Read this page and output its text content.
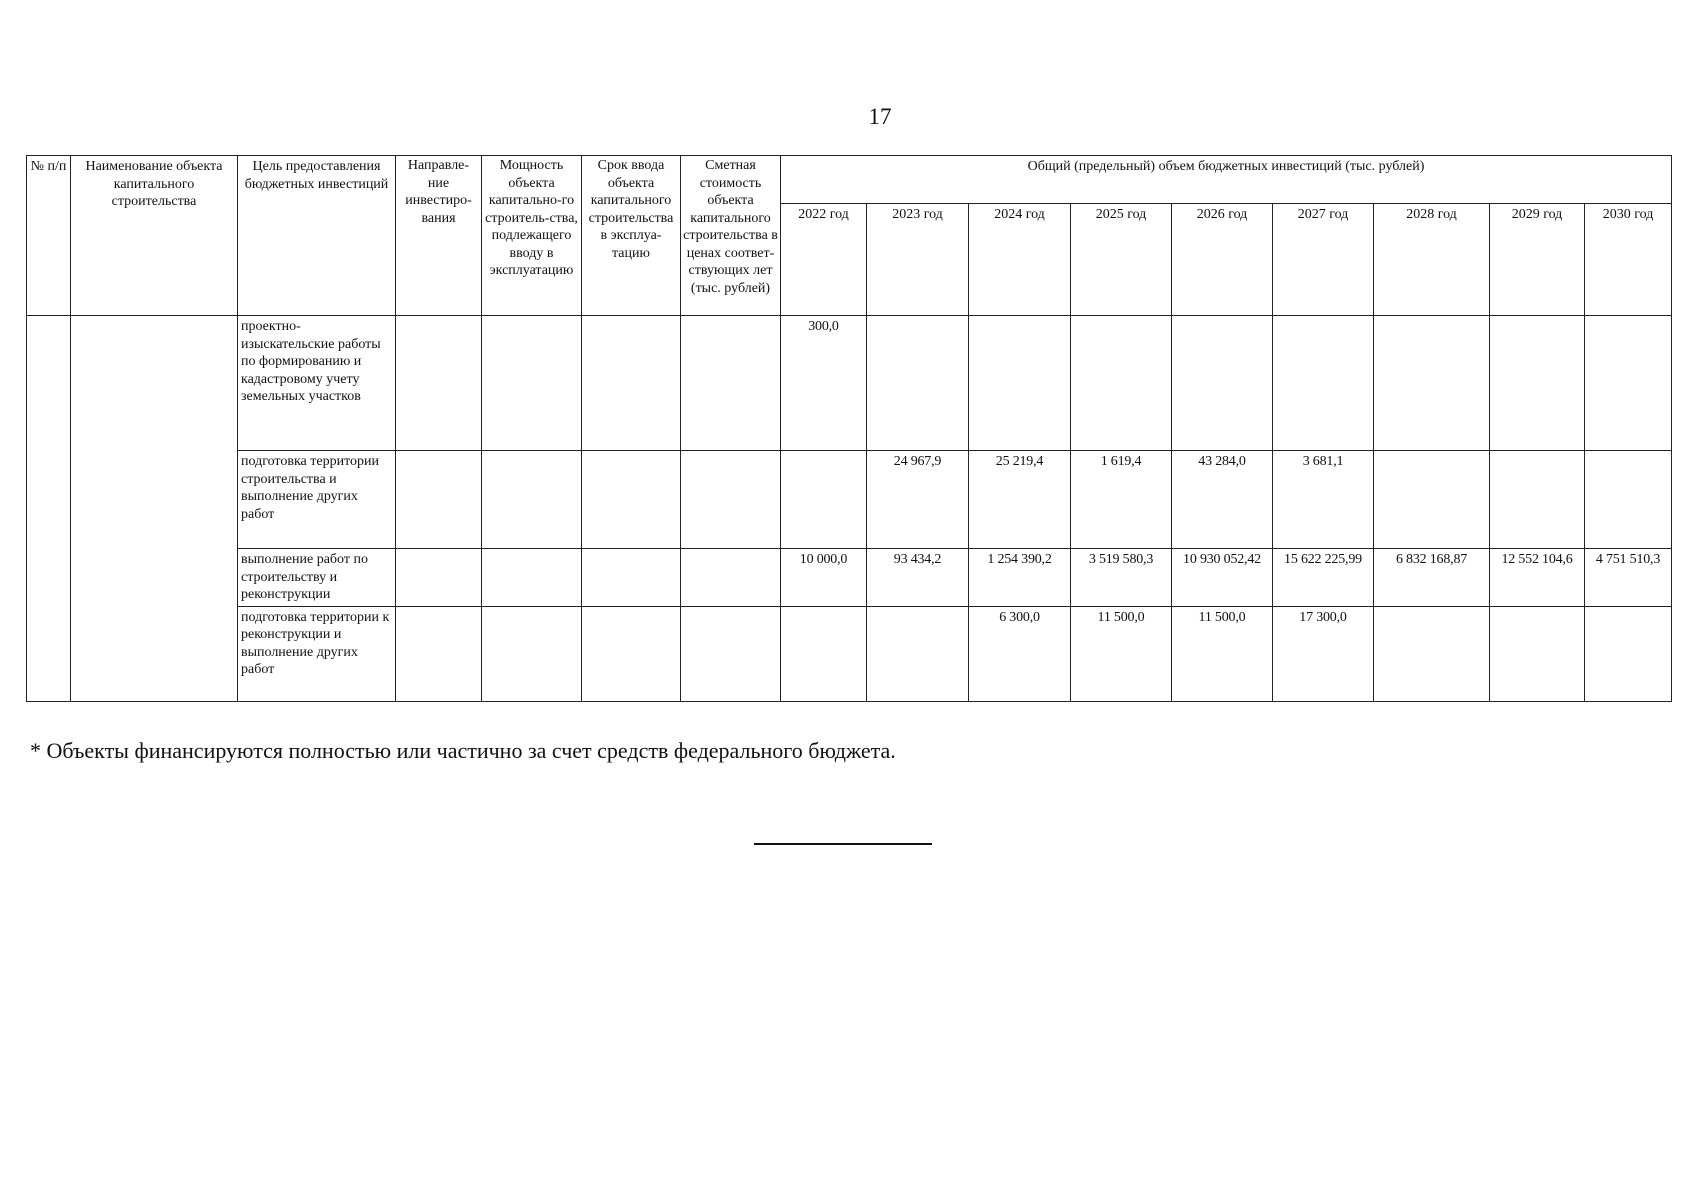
17
№ п/п	Наименование объекта капитального строительства	Цель предоставления бюджетных инвестиций	Направле-ние инвестиро-вания	Мощность объекта капитально-го строитель-ства, подлежащего вводу в эксплуатацию	Срок ввода объекта капитального строительства в эксплуа-тацию	Сметная стоимость объекта капитального строительства в ценах соответ-ствующих лет (тыс. рублей)	Общий (предельный) объем бюджетных инвестиций (тыс. рублей)								
							2022 год	2023 год	2024 год	2025 год	2026 год	2027 год	2028 год	2029 год	2030 год
		проектно-изыскательские работы по формированию и кадастровому учету земельных участков					300,0								
		подготовка территории строительства и выполнение других работ						24 967,9	25 219,4	1 619,4	43 284,0	3 681,1			
		выполнение работ по строительству и реконструкции					10 000,0	93 434,2	1 254 390,2	3 519 580,3	10 930 052,42	15 622 225,99	6 832 168,87	12 552 104,6	4 751 510,3
		подготовка территории к реконструкции и выполнение других работ							6 300,0	11 500,0	11 500,0	17 300,0			
* Объекты финансируются полностью или частично за счет средств федерального бюджета.
